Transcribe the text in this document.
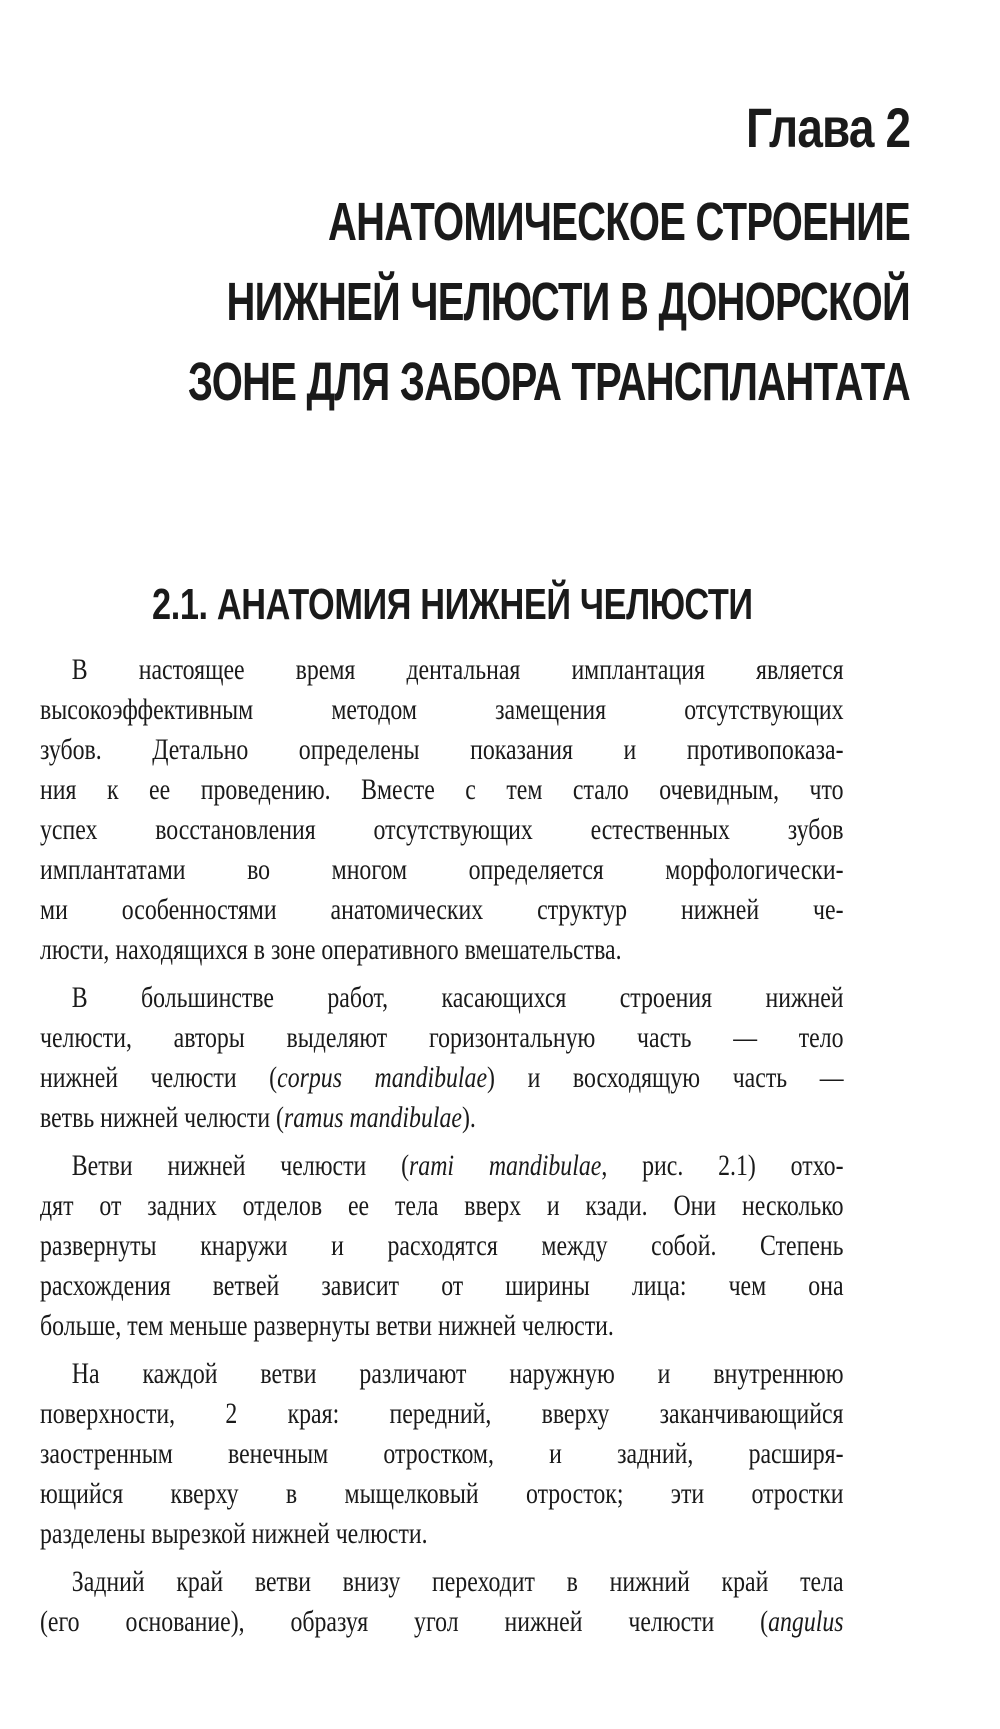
Глава 2
АНАТОМИЧЕСКОЕ СТРОЕНИЕ
НИЖНЕЙ ЧЕЛЮСТИ В ДОНОРСКОЙ
ЗОНЕ ДЛЯ ЗАБОРА ТРАНСПЛАНТАТА
2.1. АНАТОМИЯ НИЖНЕЙ ЧЕЛЮСТИ
В настоящее время дентальная имплантация является
высокоэффективным методом замещения отсутствующих
зубов. Детально определены показания и противопоказа-
ния к ее проведению. Вместе с тем стало очевидным, что
успех восстановления отсутствующих естественных зубов
имплантатами во многом определяется морфологически-
ми особенностями анатомических структур нижней че-
люсти, находящихся в зоне оперативного вмешательства.
В большинстве работ, касающихся строения нижней
челюсти, авторы выделяют горизонтальную часть — тело
нижней челюсти (corpus mandibulae) и восходящую часть —
ветвь нижней челюсти (ramus mandibulae).
Ветви нижней челюсти (rami mandibulae, рис. 2.1) отхо-
дят от задних отделов ее тела вверх и кзади. Они несколько
развернуты кнаружи и расходятся между собой. Степень
расхождения ветвей зависит от ширины лица: чем она
больше, тем меньше развернуты ветви нижней челюсти.
На каждой ветви различают наружную и внутреннюю
поверхности, 2 края: передний, вверху заканчивающийся
заостренным венечным отростком, и задний, расширя-
ющийся кверху в мыщелковый отросток; эти отростки
разделены вырезкой нижней челюсти.
Задний край ветви внизу переходит в нижний край тела
(его основание), образуя угол нижней челюсти (angulus
